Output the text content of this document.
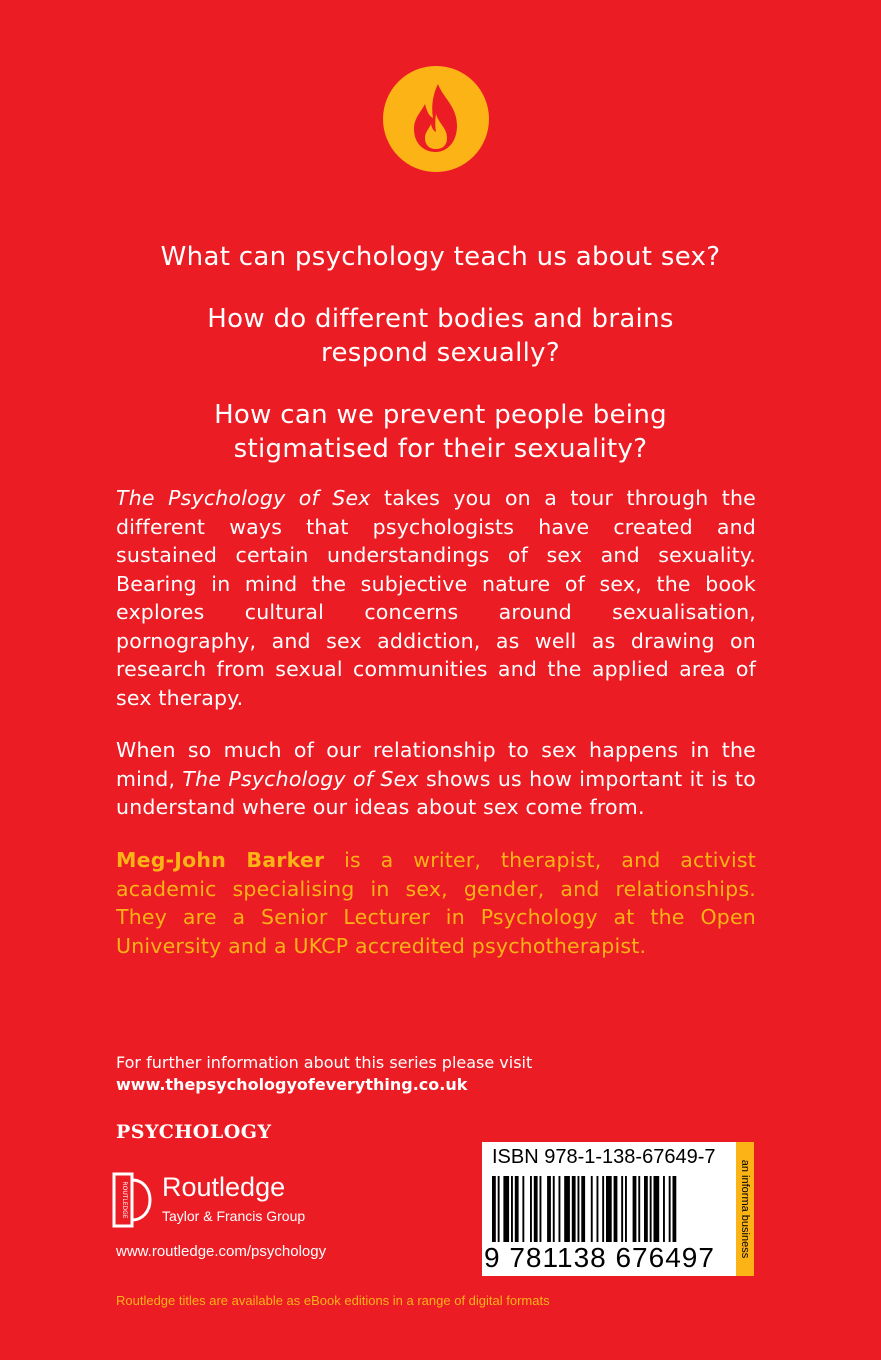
What can psychology teach us about sex?

How do different bodies and brains respond sexually?

How can we prevent people being stigmatised for their sexuality?

The Psychology of Sex takes you on a tour through the different ways that psychologists have created and sustained certain understandings of sex and sexuality. Bearing in mind the subjective nature of sex, the book explores cultural concerns around sexualisation, pornography, and sex addiction, as well as drawing on research from sexual communities and the applied area of sex therapy.

When so much of our relationship to sex happens in the mind, The Psychology of Sex shows us how important it is to understand where our ideas about sex come from.

Meg-John Barker is a writer, therapist, and activist academic specialising in sex, gender, and relationships. They are a Senior Lecturer in Psychology at the Open University and a UKCP accredited psychotherapist.
For further information about this series please visit
www.thepsychologyofeverything.co.uk
PSYCHOLOGY
ROUTLEDGE Routledge
Taylor & Francis Group
www.routledge.com/psychology
ISBN 978-1-138-67649-7
9 781138 676497	an informa business
Routledge titles are available as eBook editions in a range of digital formats
